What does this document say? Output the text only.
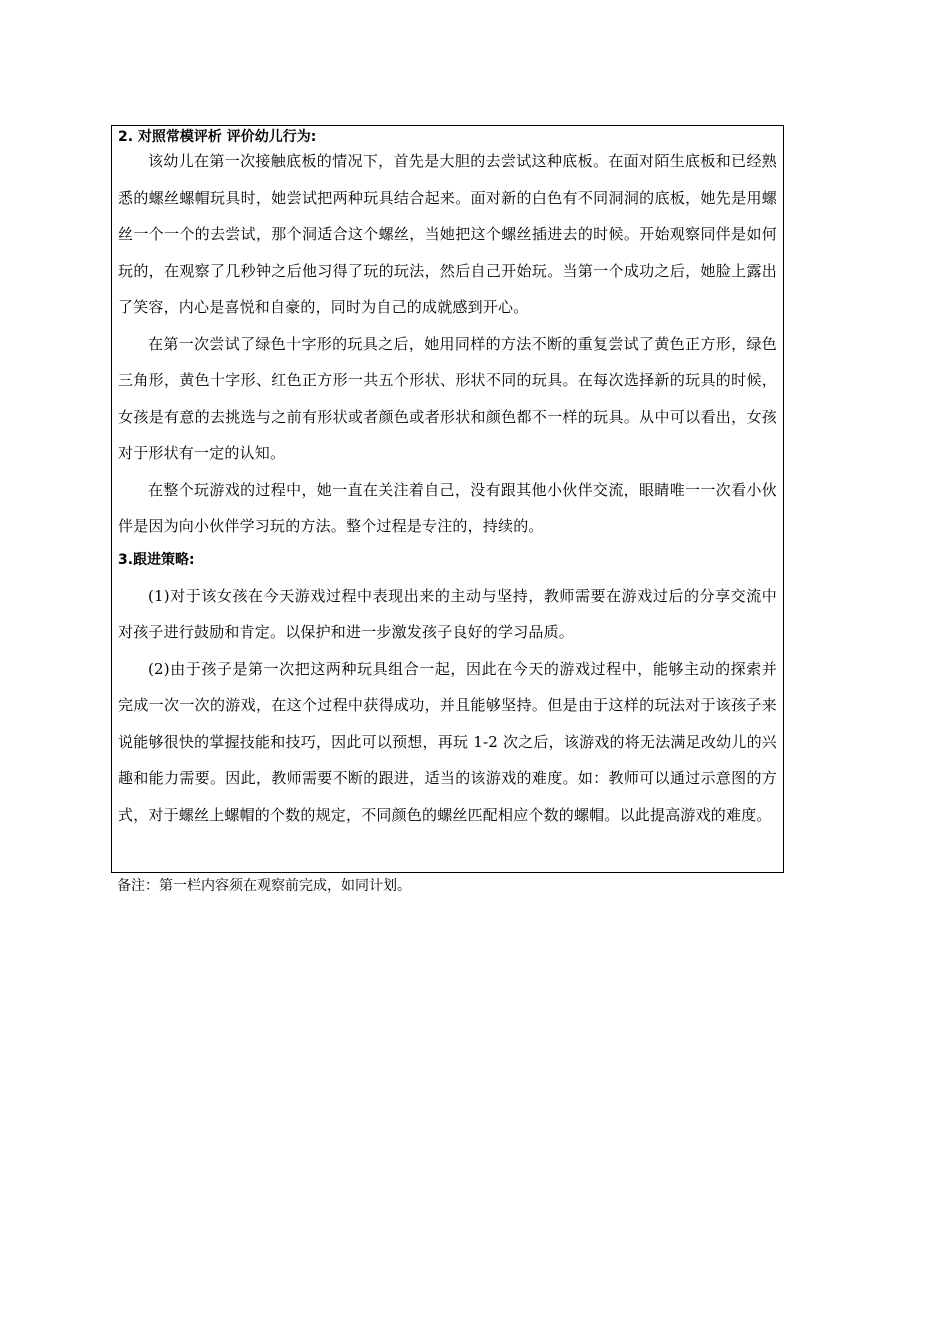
2. 对照常模评析 评价幼儿行为:

该幼儿在第一次接触底板的情况下，首先是大胆的去尝试这种底板。在面对陌生底板和已经熟悉的螺丝螺帽玩具时，她尝试把两种玩具结合起来。面对新的白色有不同洞洞的底板，她先是用螺丝一个一个的去尝试，那个洞适合这个螺丝，当她把这个螺丝插进去的时候。开始观察同伴是如何玩的，在观察了几秒钟之后他习得了玩的玩法，然后自己开始玩。当第一个成功之后，她脸上露出了笑容，内心是喜悦和自豪的，同时为自己的成就感到开心。

在第一次尝试了绿色十字形的玩具之后，她用同样的方法不断的重复尝试了黄色正方形，绿色三角形，黄色十字形、红色正方形一共五个形状、形状不同的玩具。在每次选择新的玩具的时候，女孩是有意的去挑选与之前有形状或者颜色或者形状和颜色都不一样的玩具。从中可以看出，女孩对于形状有一定的认知。

在整个玩游戏的过程中，她一直在关注着自己，没有跟其他小伙伴交流，眼睛唯一一次看小伙伴是因为向小伙伴学习玩的方法。整个过程是专注的，持续的。

3.跟进策略:

(1)对于该女孩在今天游戏过程中表现出来的主动与坚持，教师需要在游戏过后的分享交流中对孩子进行鼓励和肯定。以保护和进一步激发孩子良好的学习品质。

(2)由于孩子是第一次把这两种玩具组合一起，因此在今天的游戏过程中，能够主动的探索并完成一次一次的游戏，在这个过程中获得成功，并且能够坚持。但是由于这样的玩法对于该孩子来说能够很快的掌握技能和技巧，因此可以预想，再玩 1-2 次之后，该游戏的将无法满足改幼儿的兴趣和能力需要。因此，教师需要不断的跟进，适当的该游戏的难度。如：教师可以通过示意图的方式，对于螺丝上螺帽的个数的规定，不同颜色的螺丝匹配相应个数的螺帽。以此提高游戏的难度。

备注：第一栏内容须在观察前完成，如同计划。
